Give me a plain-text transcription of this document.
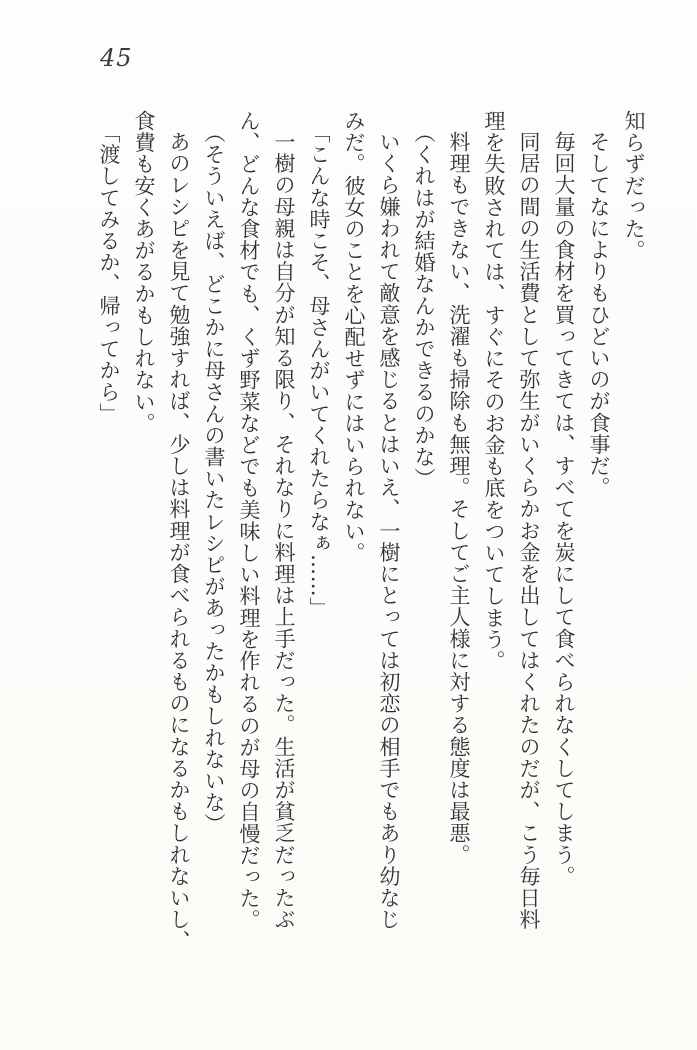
45

知らずだった。

そしてなによりもひどいのが食事だ。

毎回大量の食材を買ってきては、すべてを炭にして食べられなくしてしまう。

同居の間の生活費として弥生がいくらかお金を出してはくれたのだが、こう毎日料

理を失敗されては、すぐにそのお金も底をついてしまう。

料理もできない、洗濯も掃除も無理。そしてご主人様に対する態度は最悪。

（くれはが結婚なんかできるのかな）

いくら嫌われて敵意を感じるとはいえ、一樹にとっては初恋の相手でもあり幼なじ

みだ。彼女のことを心配せずにはいられない。

「こんな時こそ、母さんがいてくれたらなぁ……」

一樹の母親は自分が知る限り、それなりに料理は上手だった。生活が貧乏だったぶ

ん、どんな食材でも、くず野菜などでも美味しい料理を作れるのが母の自慢だった。

（そういえば、どこかに母さんの書いたレシピがあったかもしれないな）

あのレシピを見て勉強すれば、少しは料理が食べられるものになるかもしれないし、

食費も安くあがるかもしれない。

「渡してみるか、帰ってから」
